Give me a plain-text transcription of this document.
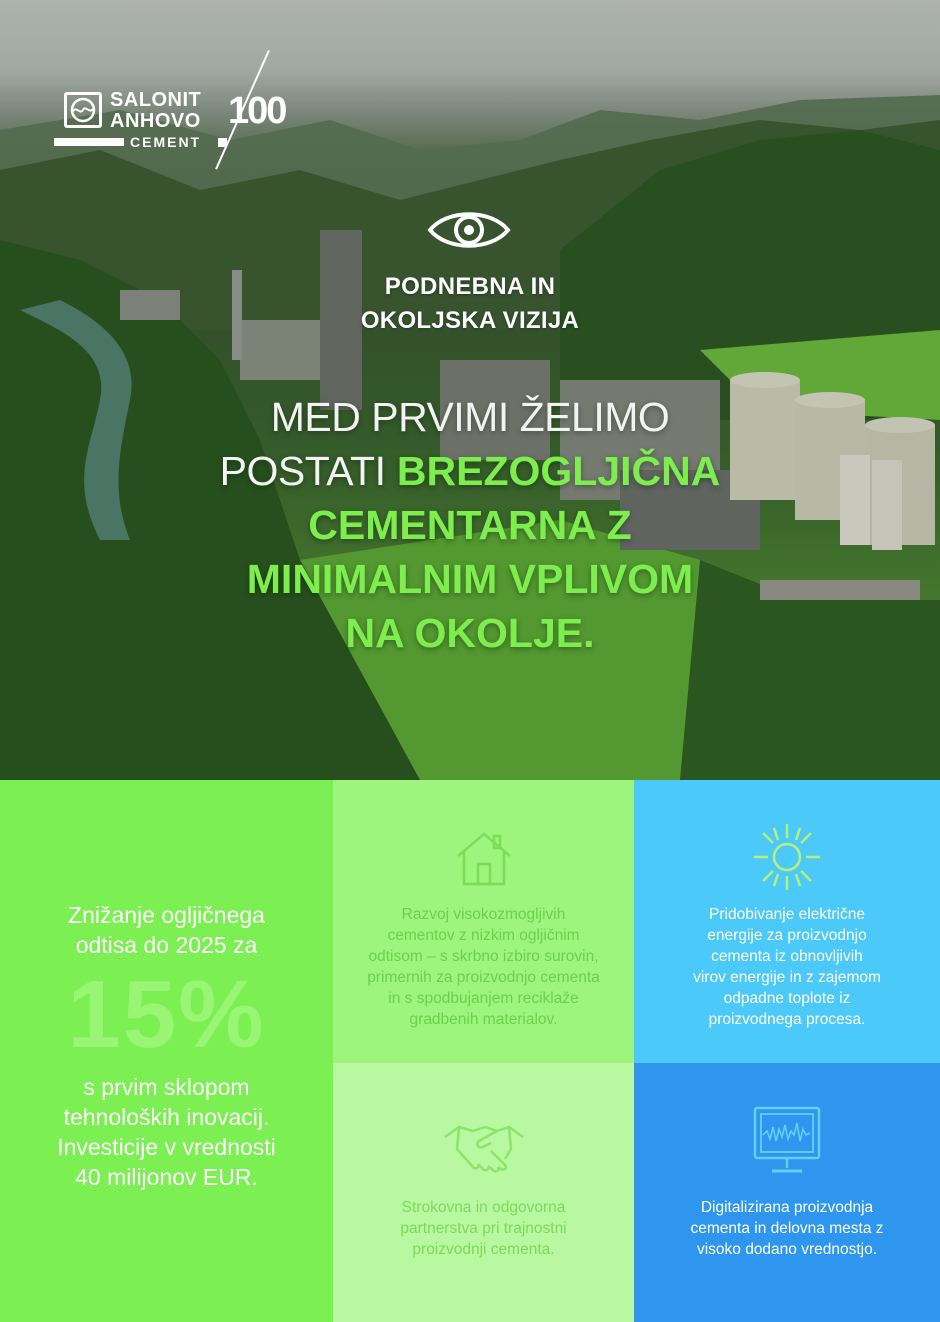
SALONIT
ANHOVO
CEMENT
100
PODNEBNA IN
OKOLJSKA VIZIJA
MED PRVIMI ŽELIMO
POSTATI BREZOGLJIČNA
CEMENTARNA Z
MINIMALNIM VPLIVOM
NA OKOLJE.
Znižanje ogljičnega
odtisa do 2025 za
15%
s prvim sklopom
tehnoloških inovacij.
Investicije v vrednosti
40 milijonov EUR.
Razvoj visokozmogljivih
cementov z nizkim ogljičnim
odtisom – s skrbno izbiro surovin,
primernih za proizvodnjo cementa
in s spodbujanjem reciklaže
gradbenih materialov.
Pridobivanje električne
energije za proizvodnjo
cementa iz obnovljivih
virov energije in z zajemom
odpadne toplote iz
proizvodnega procesa.
Strokovna in odgovorna
partnerstva pri trajnostni
proizvodnji cementa.
Digitalizirana proizvodnja
cementa in delovna mesta z
visoko dodano vrednostjo.
